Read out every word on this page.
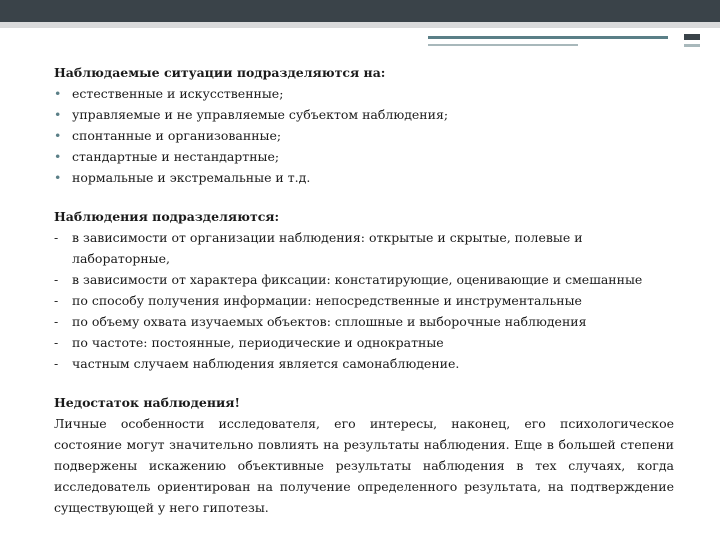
Наблюдаемые ситуации подразделяются на:
• естественные и искусственные;
• управляемые и не управляемые субъектом наблюдения;
• спонтанные и организованные;
• стандартные и нестандартные;
• нормальные и экстремальные и т.д.
Наблюдения подразделяются:
- в зависимости от организации наблюдения: открытые и скрытые, полевые и лабораторные,
- в зависимости от характера фиксации: констатирующие, оценивающие и смешанные
- по способу получения информации: непосредственные и инструментальные
- по объему охвата изучаемых объектов: сплошные и выборочные наблюдения
- по частоте: постоянные, периодические и однократные
- частным случаем наблюдения является самонаблюдение.
Недостаток наблюдения!
Личные особенности исследователя, его интересы, наконец, его психологическое состояние могут значительно повлиять на результаты наблюдения. Еще в большей степени подвержены искажению объективные результаты наблюдения в тех случаях, когда исследователь ориентирован на получение определенного результата, на подтверждение существующей у него гипотезы.
